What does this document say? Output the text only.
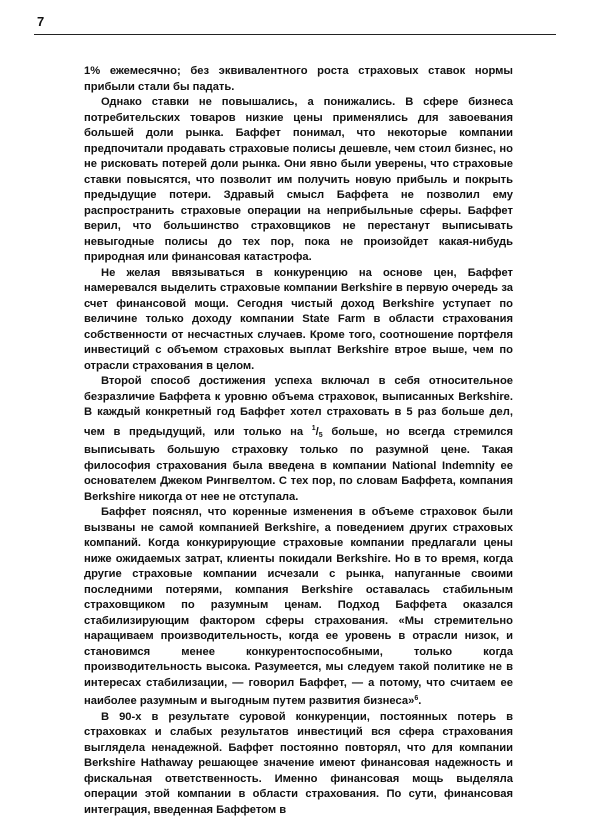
7

1% ежемесячно; без эквивалентного роста страховых ставок нормы прибыли стали бы падать.

Однако ставки не повышались, а понижались. В сфере бизнеса потребительских товаров низкие цены применялись для завоевания большей доли рынка. Баффет понимал, что некоторые компании предпочитали продавать страховые полисы дешевле, чем стоил бизнес, но не рисковать потерей доли рынка. Они явно были уверены, что страховые ставки повысятся, что позволит им получить новую прибыль и покрыть предыдущие потери. Здравый смысл Баффета не позволил ему распространить страховые операции на неприбыльные сферы. Баффет верил, что большинство страховщиков не перестанут выписывать невыгодные полисы до тех пор, пока не произойдет какая-нибудь природная или финансовая катастрофа.

Не желая ввязываться в конкуренцию на основе цен, Баффет намеревался выделить страховые компании Berkshire в первую очередь за счет финансовой мощи. Сегодня чистый доход Berkshire уступает по величине только доходу компании State Farm в области страхования собственности от несчастных случаев. Кроме того, соотношение портфеля инвестиций с объемом страховых выплат Berkshire втрое выше, чем по отрасли страхования в целом.

Второй способ достижения успеха включал в себя относительное безразличие Баффета к уровню объема страховок, выписанных Berkshire. В каждый конкретный год Баффет хотел страховать в 5 раз больше дел, чем в предыдущий, или только на $^1/_5$ больше, но всегда стремился выписывать большую страховку только по разумной цене. Такая философия страхования была введена в компании National Indemnity ее основателем Джеком Рингвелтом. С тех пор, по словам Баффета, компания Berkshire никогда от нее не отступала.

Баффет пояснял, что коренные изменения в объеме страховок были вызваны не самой компанией Berkshire, а поведением других страховых компаний. Когда конкурирующие страховые компании предлагали цены ниже ожидаемых затрат, клиенты покидали Berkshire. Но в то время, когда другие страховые компании исчезали с рынка, напуганные своими последними потерями, компания Berkshire оставалась стабильным страховщиком по разумным ценам. Подход Баффета оказался стабилизирующим фактором сферы страхования. «Мы стремительно наращиваем производительность, когда ее уровень в отрасли низок, и становимся менее конкурентоспособными, только когда производительность высока. Разумеется, мы следуем такой политике не в интересах стабилизации, — говорил Баффет, — а потому, что считаем ее наиболее разумным и выгодным путем развития бизнеса»$^6$.

В 90-х в результате суровой конкуренции, постоянных потерь в страховках и слабых результатов инвестиций вся сфера страхования выглядела ненадежной. Баффет постоянно повторял, что для компании Berkshire Hathaway решающее значение имеют финансовая надежность и фискальная ответственность. Именно финансовая мощь выделяла операции этой компании в области страхования. По сути, финансовая интеграция, введенная Баффетом в
